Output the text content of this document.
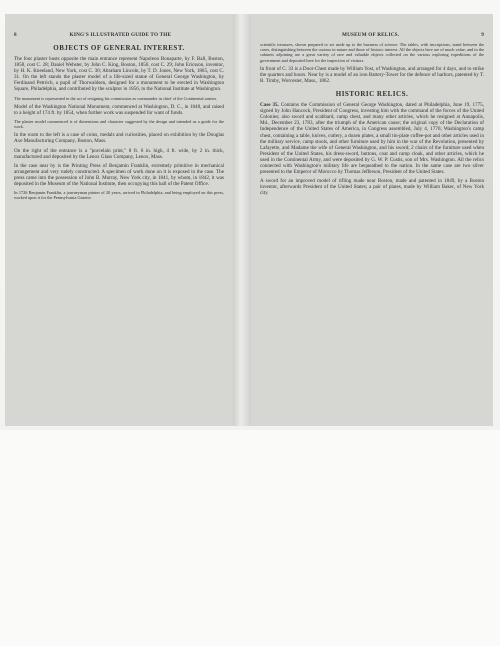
8	KING'S ILLUSTRATED GUIDE TO THE
OBJECTS OF GENERAL INTEREST.

The four plaster busts opposite the main entrance represent Napoleon Bonaparte, by F. Ball, Boston, 1858, cost C. 28; Daniel Webster, by John C. King, Boston, 1850, cost C. 29; John Ericsson, inventor, by H. K. Kneeland, New York, cost C. 30; Abraham Lincoln, by T. D. Jones, New York, 1865, cost C. 31. On the left stands the plaster model of a life-sized statue of General George Washington, by Ferdinand Pettrich, a pupil of Thorwaldsen, designed for a monument to be erected in Washington Square, Philadelphia, and contributed by the sculptor in 1856, to the National Institute at Washington.

The monument is represented in the act of resigning his commission as commander in chief of the Continental armies.

Model of the Washington National Monument, commenced at Washington, D. C., in 1848, and raised to a height of 174 ft. by 1854, when further work was suspended for want of funds.

The plaster model commenced is of dimensions and character suggested by the design and intended as a guide for the work.

In the room to the left is a case of coins, medals and curiosities, placed on exhibition by the Douglas Axe Manufacturing Company, Boston, Mass.

On the right of the entrance is a "porcelain print," 8 ft. 6 in. high, 4 ft. wide, by 2 in. thick, manufactured and deposited by the Lenox Glass Company, Lenox, Mass.

In the case near by is the Printing Press of Benjamin Franklin, extremely primitive in mechanical arrangement and very rudely constructed. A specimen of work done on it is exposed in the case. The press came into the possession of John B. Murray, New York city, in 1841, by whom, in 1842, it was deposited in the Museum of the National Institute, then occupying this hall of the Patent Office.

In 1726 Benjamin Franklin, a journeyman printer of 20 years, arrived in Philadelphia, and being employed on this press, worked upon it for the Pennsylvania Gazette.

MUSEUM OF RELICS.	9

scientific treasures, shown prepared or set aside up to the business of science. The tables, with inscriptions, stand between the cases, distinguishing between the curious in nature and those of historic interest. All the objects here are of much value, and in the cabinets adjoining are a great variety of rare and valuable objects collected on the various exploring expeditions of the government and deposited here for the inspection of visitors.

In front of C. 33 is a Door-Chest made by William Yost, of Washington, and arranged for 4 days, and to strike the quarters and hours. Near by is a model of an iron Battery-Tower for the defence of harbors, patented by T. R. Timby, Worcester, Mass., 1862.

HISTORIC RELICS.

Case 35. Contains the Commission of General George Washington, dated at Philadelphia, June 19, 1775, signed by John Hancock, President of Congress, investing him with the command of the forces of the United Colonies; also sword and scabbard, camp chest, and many other articles, which he resigned at Annapolis, Md., December 23, 1783, after the triumph of the American cause; the original copy of the Declaration of Independence of the United States of America, in Congress assembled, July 4, 1776; Washington's camp chest, containing a table, knives, cutlery, a dozen plates, a small tin-plate coffee-pot and other articles used in the military service, camp stools, and other furniture used by him in the war of the Revolution, presented by Lafayette, and Madame the wife of General Washington, and his sword; 2 chairs of the furniture used when President of the United States, his dress-sword, buttons, coat and camp cloak, and other articles, which he used in the Continental Army, and were deposited by G. W. P. Custis, son of Mrs. Washington. All the relics connected with Washington's military life are bequeathed to the nation. In the same case are two silver presented to the Emperor of Morocco by Thomas Jefferson, President of the United States.

A sword for an improved model of rifling made near Boston, made and patented in 1849, by a Boston inventor, afterwards President of the United States; a pair of plates, made by William Baker, of New York city.
